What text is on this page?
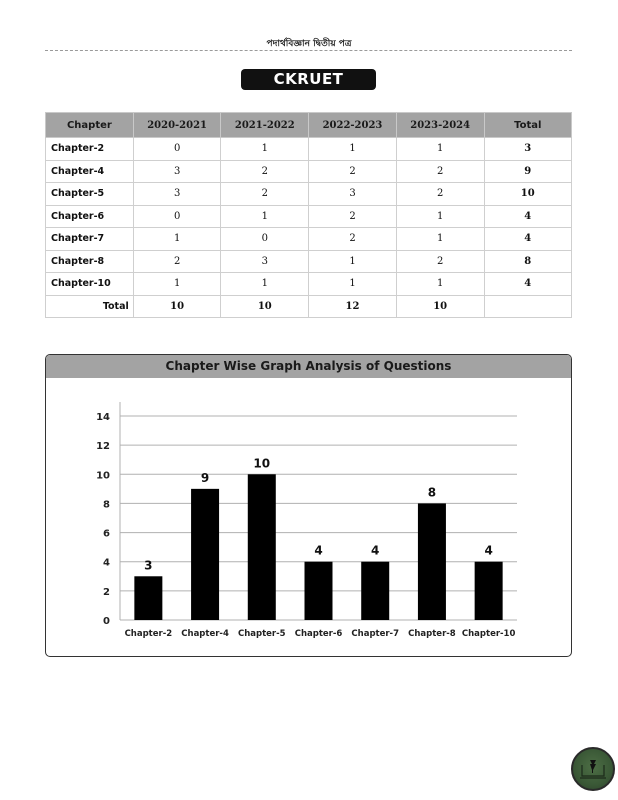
পদার্থবিজ্ঞান দ্বিতীয় পত্র
CKRUET
Chapter	2020-2021	2021-2022	2022-2023	2023-2024	Total
Chapter-2	0	1	1	1	3
Chapter-4	3	2	2	2	9
Chapter-5	3	2	3	2	10
Chapter-6	0	1	2	1	4
Chapter-7	1	0	2	1	4
Chapter-8	2	3	1	2	8
Chapter-10	1	1	1	1	4
Total	10	10	12	10	
Chapter Wise Graph Analysis of Questions
0
2
4
6
8
10
12
14
3
Chapter-2
9
Chapter-4
10
Chapter-5
4
Chapter-6
4
Chapter-7
8
Chapter-8
4
Chapter-10
